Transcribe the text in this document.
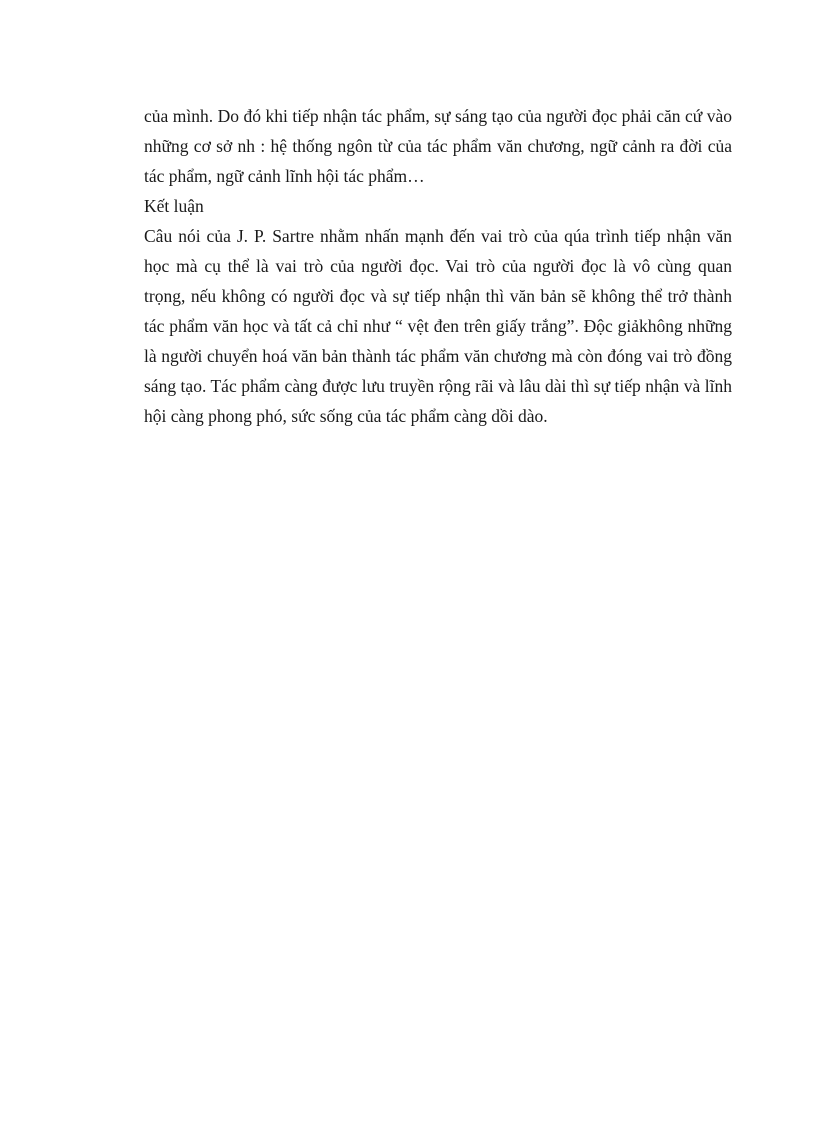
của mình. Do đó khi tiếp nhận tác phẩm, sự sáng tạo của người đọc phải căn cứ vào những cơ sở nh : hệ thống ngôn từ của tác phẩm văn chương, ngữ cảnh ra đời của tác phẩm, ngữ cảnh lĩnh hội tác phẩm…

Kết luận

Câu nói của J. P. Sartre nhằm nhấn mạnh đến vai trò của qúa trình tiếp nhận văn học mà cụ thể là vai trò của người đọc. Vai trò của người đọc là vô cùng quan trọng, nếu không có người đọc và sự tiếp nhận thì văn bản sẽ không thể trở thành tác phẩm văn học và tất cả chỉ như “ vệt đen trên giấy trắng”. Độc giảkhông những là người chuyển hoá văn bản thành tác phẩm văn chương mà còn đóng vai trò đồng sáng tạo. Tác phẩm càng được lưu truyền rộng rãi và lâu dài thì sự tiếp nhận và lĩnh hội càng phong phó, sức sống của tác phẩm càng dồi dào.
